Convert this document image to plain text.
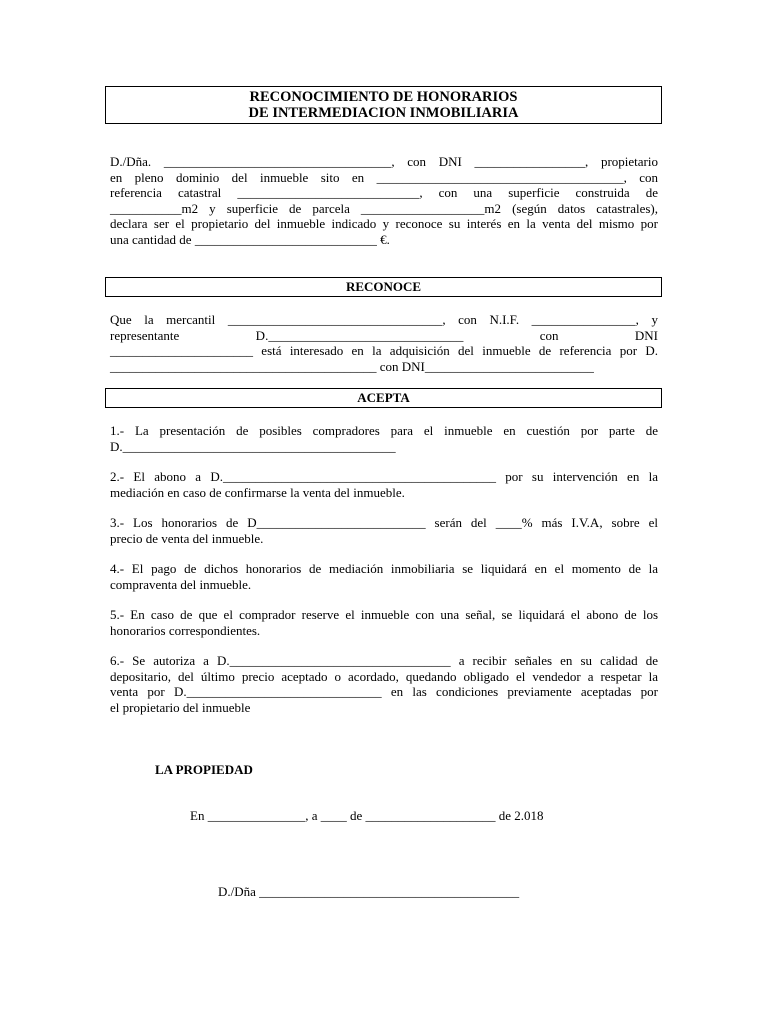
RECONOCIMIENTO DE HONORARIOS
DE INTERMEDIACION INMOBILIARIA
D./Dña. ___________________________________, con DNI _________________, propietario
en pleno dominio del inmueble sito en ______________________________________, con
referencia catastral ____________________________, con una superficie construida de
___________m2 y superficie de parcela ___________________m2 (según datos catastrales),
declara ser el propietario del inmueble indicado y reconoce su interés en la venta del mismo por
una cantidad de ____________________________ €.
RECONOCE
Que la mercantil _________________________________, con N.I.F. ________________, y
representante D.______________________________ con DNI
______________________ está interesado en la adquisición del inmueble de referencia por D.
_________________________________________ con DNI__________________________
ACEPTA
1.- La presentación de posibles compradores para el inmueble en cuestión por parte de
D.__________________________________________
2.- El abono a D.__________________________________________ por su intervención en la
mediación en caso de confirmarse la venta del inmueble.
3.- Los honorarios de D__________________________ serán del ____% más I.V.A, sobre el
precio de venta del inmueble.
4.- El pago de dichos honorarios de mediación inmobiliaria se liquidará en el momento de la
compraventa del inmueble.
5.- En caso de que el comprador reserve el inmueble con una señal, se liquidará el abono de los
honorarios correspondientes.
6.- Se autoriza a D.__________________________________ a recibir señales en su calidad de
depositario, del último precio aceptado o acordado, quedando obligado el vendedor a respetar la
venta por D.______________________________ en las condiciones previamente aceptadas por
el propietario del inmueble
LA PROPIEDAD
En _______________, a ____ de ____________________ de 2.018
D./Dña ________________________________________
